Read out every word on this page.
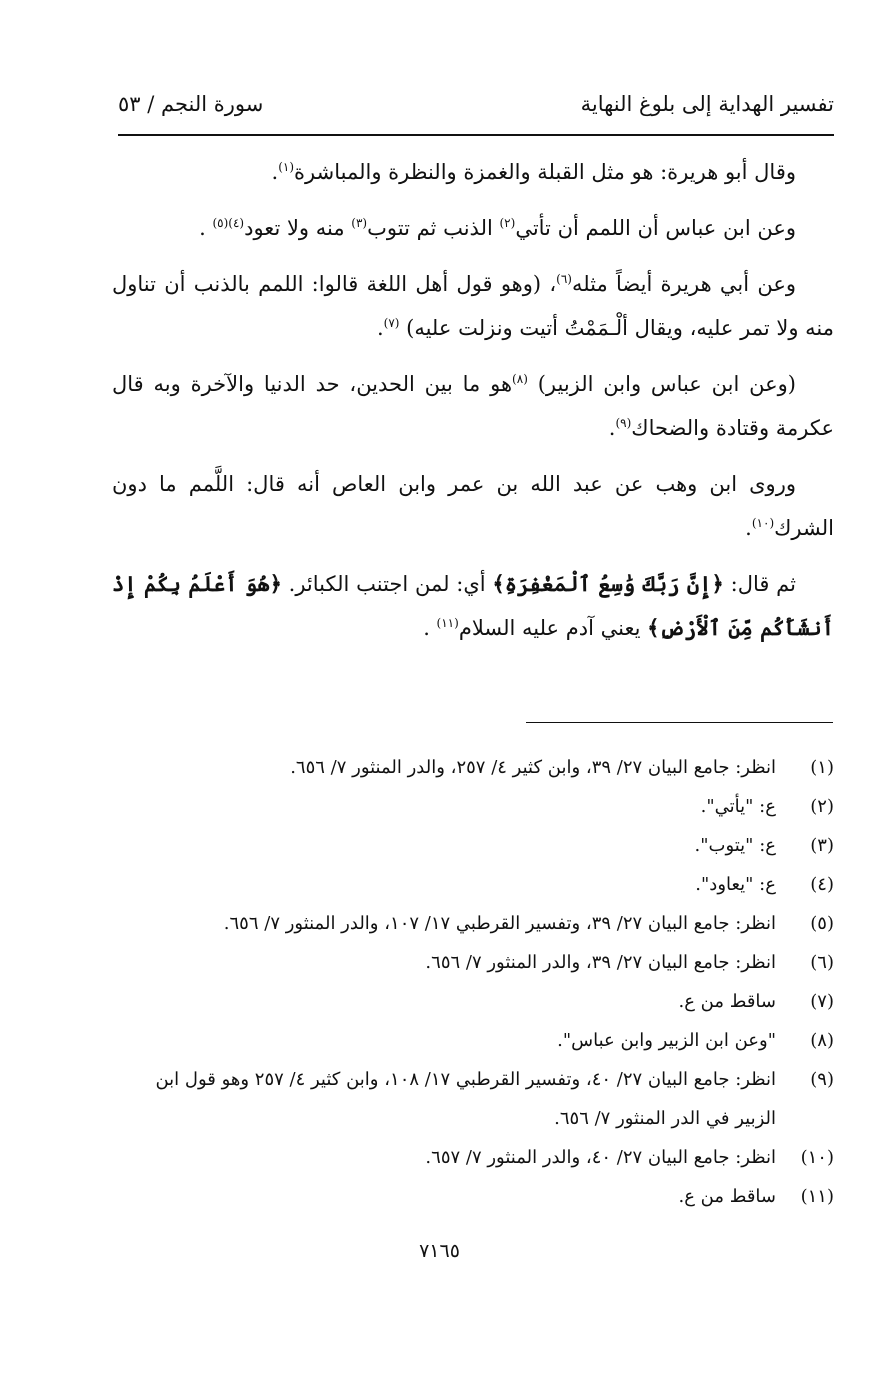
تفسير الهداية إلى بلوغ النهاية
سورة النجم / ٥٣

وقال أبو هريرة: هو مثل القبلة والغمزة والنظرة والمباشرة$^{(١)}$.

وعن ابن عباس أن اللمم أن تأتي$^{(٢)}$ الذنب ثم تتوب$^{(٣)}$ منه ولا تعود$^{(٤)(٥)}$ .

وعن أبي هريرة أيضاً مثله$^{(٦)}$، (وهو قول أهل اللغة قالوا: اللمم بالذنب أن تناول منه ولا تمر عليه، ويقال ألْـمَمْتُ أتيت ونزلت عليه) $^{(٧)}$.

(وعن ابن عباس وابن الزبير) $^{(٨)}$هو ما بين الحدين، حد الدنيا والآخرة وبه قال عكرمة وقتادة والضحاك$^{(٩)}$.

وروى ابن وهب عن عبد الله بن عمر وابن العاص أنه قال: اللَّمم ما دون الشرك$^{(١٠)}$.

ثم قال: ﴿إِنَّ رَبَّكَ وَٰسِعُ ٱلْمَغْفِرَةِ﴾ أي: لمن اجتنب الكبائر. ﴿هُوَ أَعْلَمُ بِكُمْ إِذْ أَنشَأَكُم مِّنَ ٱلْأَرْضِ﴾ يعني آدم عليه السلام$^{(١١)}$ .

(١)
انظر: جامع البيان ٢٧/ ٣٩، وابن كثير ٤/ ٢٥٧، والدر المنثور ٧/ ٦٥٦.
(٢)
ع: "يأتي".
(٣)
ع: "يتوب".
(٤)
ع: "يعاود".
(٥)
انظر: جامع البيان ٢٧/ ٣٩، وتفسير القرطبي ١٧/ ١٠٧، والدر المنثور ٧/ ٦٥٦.
(٦)
انظر: جامع البيان ٢٧/ ٣٩، والدر المنثور ٧/ ٦٥٦.
(٧)
ساقط من ع.
(٨)
"وعن ابن الزبير وابن عباس".
(٩)
انظر: جامع البيان ٢٧/ ٤٠، وتفسير القرطبي ١٧/ ١٠٨، وابن كثير ٤/ ٢٥٧ وهو قول ابن الزبير في الدر المنثور ٧/ ٦٥٦.
(١٠)
انظر: جامع البيان ٢٧/ ٤٠، والدر المنثور ٧/ ٦٥٧.
(١١)
ساقط من ع.
٧١٦٥
